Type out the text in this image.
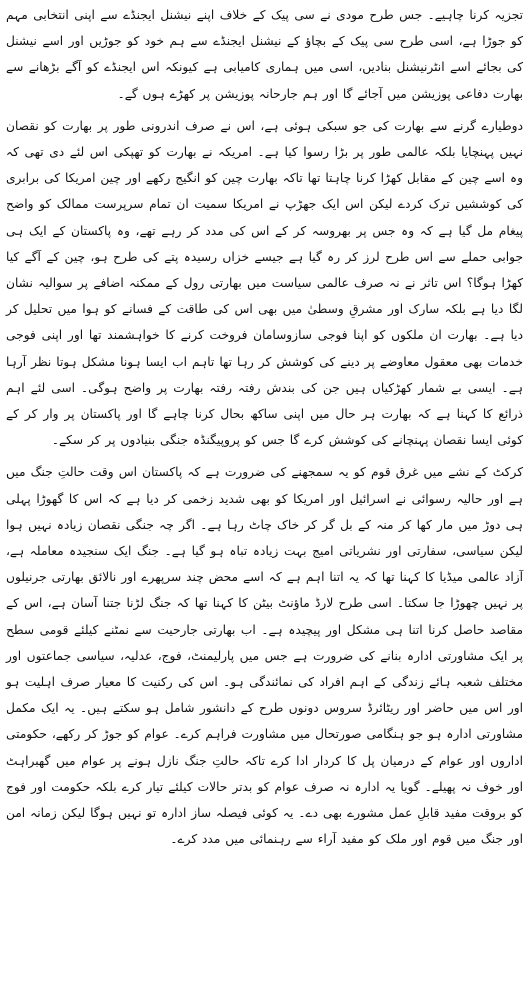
تجزیہ کرنا چاہیے۔ جس طرح مودی نے سی پیک کے خلاف اپنے نیشنل ایجنڈے سے اپنی انتخابی مہم کو جوڑا ہے، اسی طرح سی پیک کے بچاؤ کے نیشنل ایجنڈے سے ہم خود کو جوڑیں اور اسے نیشنل کی بجائے اسے انٹرنیشنل بنادیں، اسی میں ہماری کامیابی ہے کیونکہ اس ایجنڈے کو آگے بڑھانے سے بھارت دفاعی پوزیشن میں آجائے گا اور ہم جارحانہ پوزیشن پر کھڑے ہوں گے۔

دوطیارے گرنے سے بھارت کی جو سبکی ہوئی ہے، اس نے صرف اندرونی طور پر بھارت کو نقصان نہیں پہنچایا بلکہ عالمی طور پر بڑا رسوا کیا ہے۔ امریکہ نے بھارت کو تھپکی اس لئے دی تھی کہ وہ اسے چین کے مقابل کھڑا کرنا چاہتا تھا تاکہ بھارت چین کو انگیج رکھے اور چین امریکا کی برابری کی کوششیں ترک کردے لیکن اس ایک جھڑپ نے امریکا سمیت ان تمام سرپرست ممالک کو واضح پیغام مل گیا ہے کہ وہ جس پر بھروسہ کر کے اس کی مدد کر رہے تھے، وہ پاکستان کے ایک ہی جوابی حملے سے اس طرح لرز کر رہ گیا ہے جیسے خزاں رسیدہ پتے کی طرح ہو، چین کے آگے کیا کھڑا ہوگا؟ اس تاثر نے نہ صرف عالمی سیاست میں بھارتی رول کے ممکنہ اضافے پر سوالیہ نشان لگا دیا ہے بلکہ سارک اور مشرقِ وسطیٰ میں بھی اس کی طاقت کے فسانے کو ہوا میں تحلیل کر دیا ہے۔ بھارت ان ملکوں کو اپنا فوجی سازوسامان فروخت کرنے کا خواہشمند تھا اور اپنی فوجی خدمات بھی معقول معاوضے پر دینے کی کوشش کر رہا تھا تاہم اب ایسا ہونا مشکل ہوتا نظر آرہا ہے۔ ایسی بے شمار کھڑکیاں ہیں جن کی بندش رفتہ رفتہ بھارت پر واضح ہوگی۔ اسی لئے اہم ذرائع کا کہنا ہے کہ بھارت ہر حال میں اپنی ساکھ بحال کرنا چاہے گا اور پاکستان پر وار کر کے کوئی ایسا نقصان پہنچانے کی کوشش کرے گا جس کو پروپیگنڈہ جنگی بنیادوں پر کر سکے۔

کرکٹ کے نشے میں غرق قوم کو یہ سمجھنے کی ضرورت ہے کہ پاکستان اس وقت حالتِ جنگ میں ہے اور حالیہ رسوائی نے اسرائیل اور امریکا کو بھی شدید زخمی کر دیا ہے کہ اس کا گھوڑا پہلی ہی دوڑ میں مار کھا کر منہ کے بل گر کر خاک چاٹ رہا ہے۔ اگر چہ جنگی نقصان زیادہ نہیں ہوا لیکن سیاسی، سفارتی اور نشریاتی امیج بہت زیادہ تباہ ہو گیا ہے۔ جنگ ایک سنجیدہ معاملہ ہے، آزاد عالمی میڈیا کا کہنا تھا کہ یہ اتنا اہم ہے کہ اسے محض چند سرپھرے اور نالائق بھارتی جرنیلوں پر نہیں چھوڑا جا سکتا۔ اسی طرح لارڈ ماؤنٹ بیٹن کا کہنا تھا کہ جنگ لڑنا جتنا آسان ہے، اس کے مقاصد حاصل کرنا اتنا ہی مشکل اور پیچیدہ ہے۔ اب بھارتی جارحیت سے نمٹنے کیلئے قومی سطح پر ایک مشاورتی ادارہ بنانے کی ضرورت ہے جس میں پارلیمنٹ، فوج، عدلیہ، سیاسی جماعتوں اور مختلف شعبہ ہائے زندگی کے اہم افراد کی نمائندگی ہو۔ اس کی رکنیت کا معیار صرف اہلیت ہو اور اس میں حاضر اور ریٹائرڈ سروس دونوں طرح کے دانشور شامل ہو سکتے ہیں۔ یہ ایک مکمل مشاورتی ادارہ ہو جو ہنگامی صورتحال میں مشاورت فراہم کرے۔ عوام کو جوڑ کر رکھے، حکومتی اداروں اور عوام کے درمیان پل کا کردار ادا کرے تاکہ حالتِ جنگ نازل ہونے پر عوام میں گھبراہٹ اور خوف نہ پھیلے۔ گویا یہ ادارہ نہ صرف عوام کو بدتر حالات کیلئے تیار کرے بلکہ حکومت اور فوج کو بروقت مفید قابلِ عمل مشورے بھی دے۔ یہ کوئی فیصلہ ساز ادارہ تو نہیں ہوگا لیکن زمانہ امن اور جنگ میں قوم اور ملک کو مفید آراء سے رہنمائی میں مدد کرے۔
